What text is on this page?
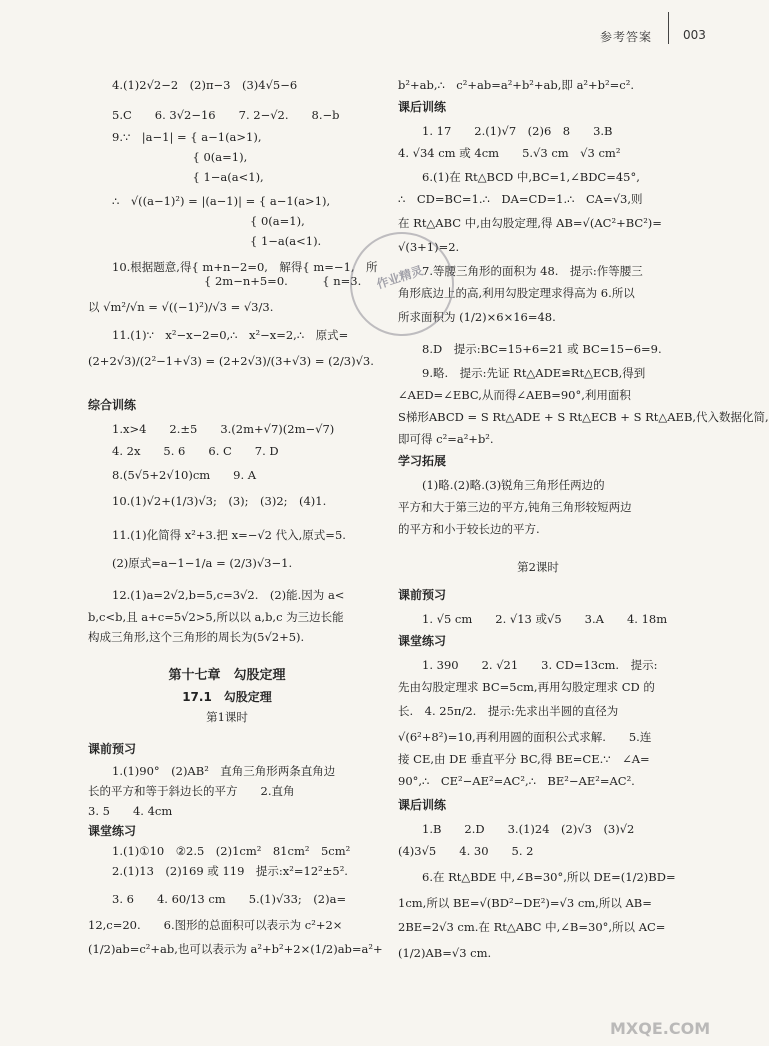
参考答案	003
4.(1)2√2−2　(2)π−3　(3)4√5−6
5.C　　6. 3√2−16　　7. 2−√2.　　8.−b
9.∵　|a−1| = { a−1(a>1),
　　　　　　　{ 0(a=1),
　　　　　　　{ 1−a(a<1),
∴　√((a−1)²) = |(a−1)| = { a−1(a>1),
　　　　　　　　　　　　{ 0(a=1),
　　　　　　　　　　　　{ 1−a(a<1).
10.根据题意,得{ m+n−2=0,　解得{ m=−1,　所
　　　　　　　　{ 2m−n+5=0.　　　{ n=3.
以 √m²/√n = √((−1)²)/√3 = √3/3.
11.(1)∵　x²−x−2=0,∴　x²−x=2,∴　原式=
(2+2√3)/(2²−1+√3) = (2+2√3)/(3+√3) = (2/3)√3.
综合训练
1.x>4　　2.±5　　3.(2m+√7)(2m−√7)
4. 2x　　5. 6　　6. C　　7. D
8.(5√5+2√10)cm　　9. A
10.(1)√2+(1/3)√3;　(3);　(3)2;　(4)1.
11.(1)化简得 x²+3.把 x=−√2 代入,原式=5.
(2)原式=a−1−1/a = (2/3)√3−1.
12.(1)a=2√2,b=5,c=3√2.　(2)能.因为 a<
b,c<b,且 a+c=5√2>5,所以以 a,b,c 为三边长能
构成三角形,这个三角形的周长为(5√2+5).
第十七章　勾股定理
17.1　勾股定理
第1课时
课前预习
1.(1)90°　(2)AB²　直角三角形两条直角边
长的平方和等于斜边长的平方　　2.直角
3. 5　　4. 4cm
课堂练习
1.(1)①10　②2.5　(2)1cm²　81cm²　5cm²
2.(1)13　(2)169 或 119　提示:x²=12²±5².
3. 6　　4. 60/13 cm　　5.(1)√33;　(2)a=
12,c=20.　　6.图形的总面积可以表示为 c²+2×
(1/2)ab=c²+ab,也可以表示为 a²+b²+2×(1/2)ab=a²+
b²+ab,∴　c²+ab=a²+b²+ab,即 a²+b²=c².
课后训练
1. 17　　2.(1)√7　(2)6　8　　3.B
4. √34 cm 或 4cm　　5.√3 cm　√3 cm²
6.(1)在 Rt△BCD 中,BC=1,∠BDC=45°,
∴　CD=BC=1.∴　DA=CD=1.∴　CA=√3,则
在 Rt△ABC 中,由勾股定理,得 AB=√(AC²+BC²)=
√(3+1)=2.
7.等腰三角形的面积为 48.　提示:作等腰三
角形底边上的高,利用勾股定理求得高为 6.所以
所求面积为 (1/2)×6×16=48.
8.D　提示:BC=15+6=21 或 BC=15−6=9.
9.略.　提示:先证 Rt△ADE≌Rt△ECB,得到
∠AED=∠EBC,从而得∠AEB=90°,利用面积
S梯形ABCD = S Rt△ADE + S Rt△ECB + S Rt△AEB,代入数据化简,
即可得 c²=a²+b².
学习拓展
(1)略.(2)略.(3)锐角三角形任两边的
平方和大于第三边的平方,钝角三角形较短两边
的平方和小于较长边的平方.
第2课时
课前预习
1. √5 cm　　2. √13 或√5　　3.A　　4. 18m
课堂练习
1. 390　　2. √21　　3. CD=13cm.　提示:
先由勾股定理求 BC=5cm,再用勾股定理求 CD 的
长.　4. 25π/2.　提示:先求出半圆的直径为
√(6²+8²)=10,再利用圆的面积公式求解.　　5.连
接 CE,由 DE 垂直平分 BC,得 BE=CE.∵　∠A=
90°,∴　CE²−AE²=AC²,∴　BE²−AE²=AC².
课后训练
1.B　　2.D　　3.(1)24　(2)√3　(3)√2
(4)3√5　　4. 30　　5. 2
6.在 Rt△BDE 中,∠B=30°,所以 DE=(1/2)BD=
1cm,所以 BE=√(BD²−DE²)=√3 cm,所以 AB=
2BE=2√3 cm.在 Rt△ABC 中,∠B=30°,所以 AC=
(1/2)AB=√3 cm.
作业精灵
MXQE.COM
